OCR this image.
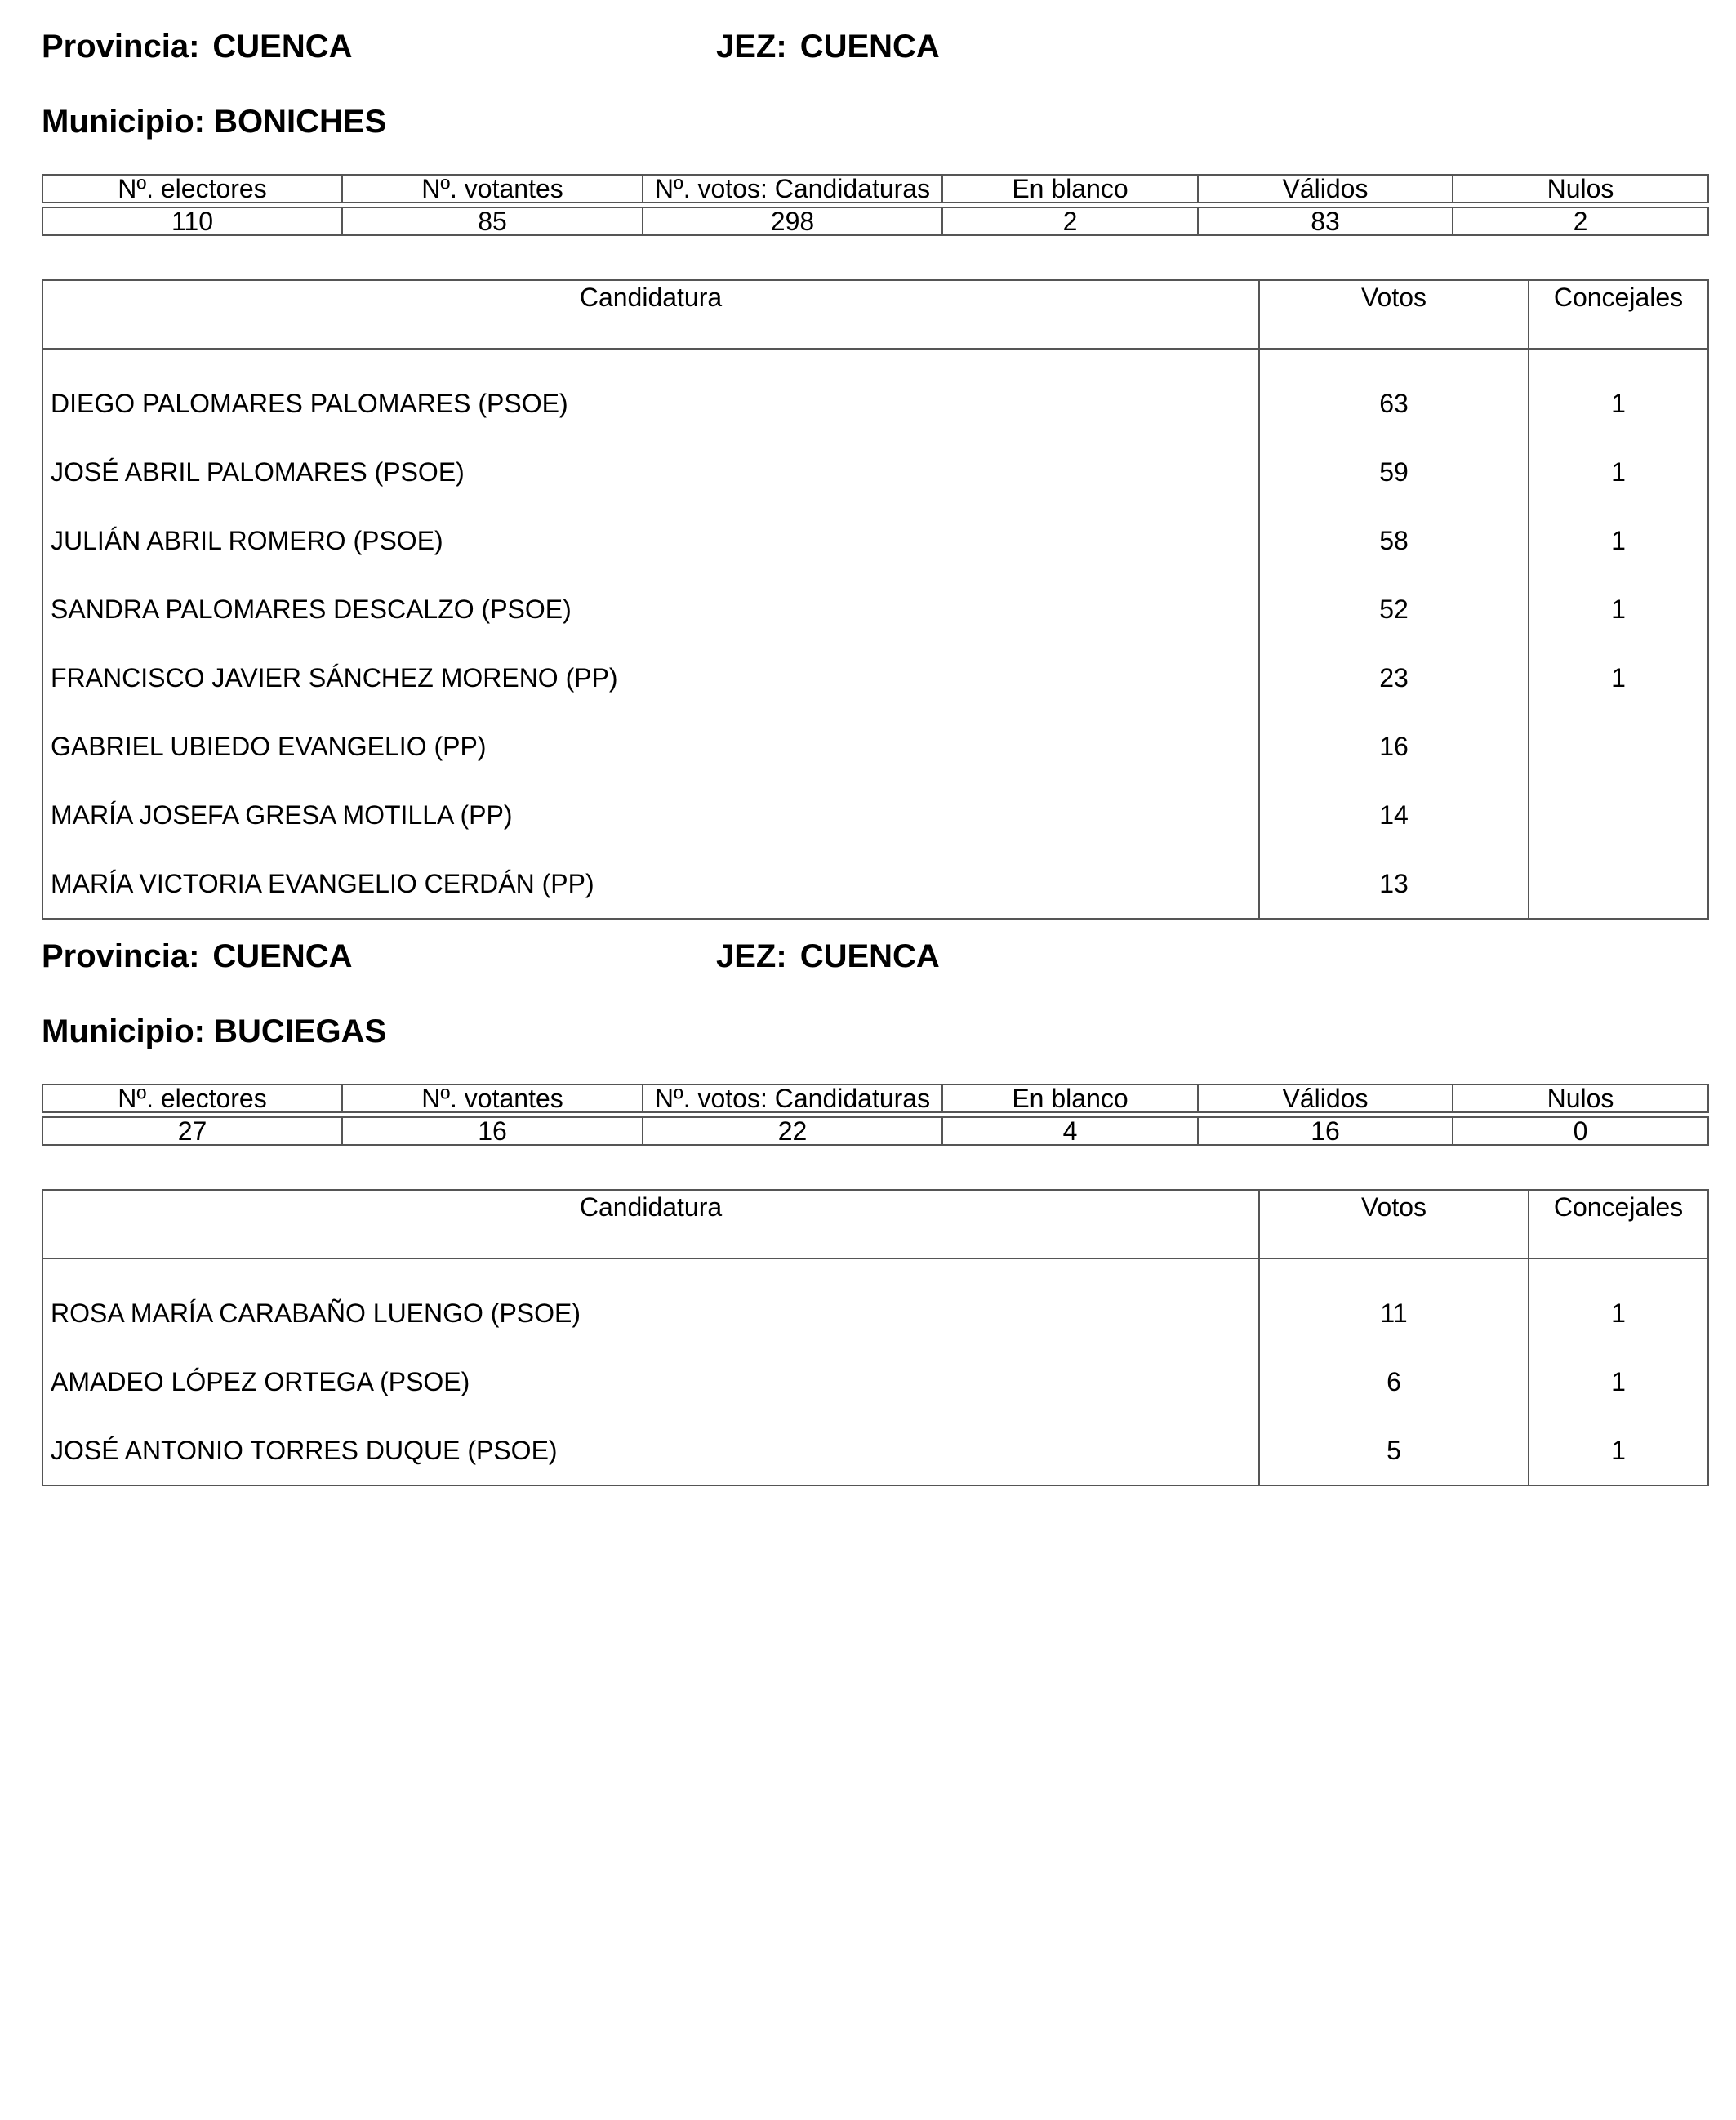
Provincia: CUENCA	JEZ: CUENCA
Municipio: BONICHES
Nº. electores	Nº. votantes	Nº. votos: Candidaturas	En blanco	Válidos	Nulos

110	85	298	2	83	2
Candidatura	Votos	Concejales

DIEGO PALOMARES PALOMARES (PSOE)	63	1
JOSÉ ABRIL PALOMARES (PSOE)	59	1
JULIÁN ABRIL ROMERO (PSOE)	58	1
SANDRA PALOMARES DESCALZO (PSOE)	52	1
FRANCISCO JAVIER SÁNCHEZ MORENO (PP)	23	1
GABRIEL UBIEDO EVANGELIO (PP)	16	
MARÍA JOSEFA GRESA MOTILLA (PP)	14	
MARÍA VICTORIA EVANGELIO CERDÁN (PP)	13	
Provincia: CUENCA	JEZ: CUENCA
Municipio: BUCIEGAS
Nº. electores	Nº. votantes	Nº. votos: Candidaturas	En blanco	Válidos	Nulos

27	16	22	4	16	0
Candidatura	Votos	Concejales

ROSA MARÍA CARABAÑO LUENGO (PSOE)	11	1
AMADEO LÓPEZ ORTEGA (PSOE)	6	1
JOSÉ ANTONIO TORRES DUQUE (PSOE)	5	1
